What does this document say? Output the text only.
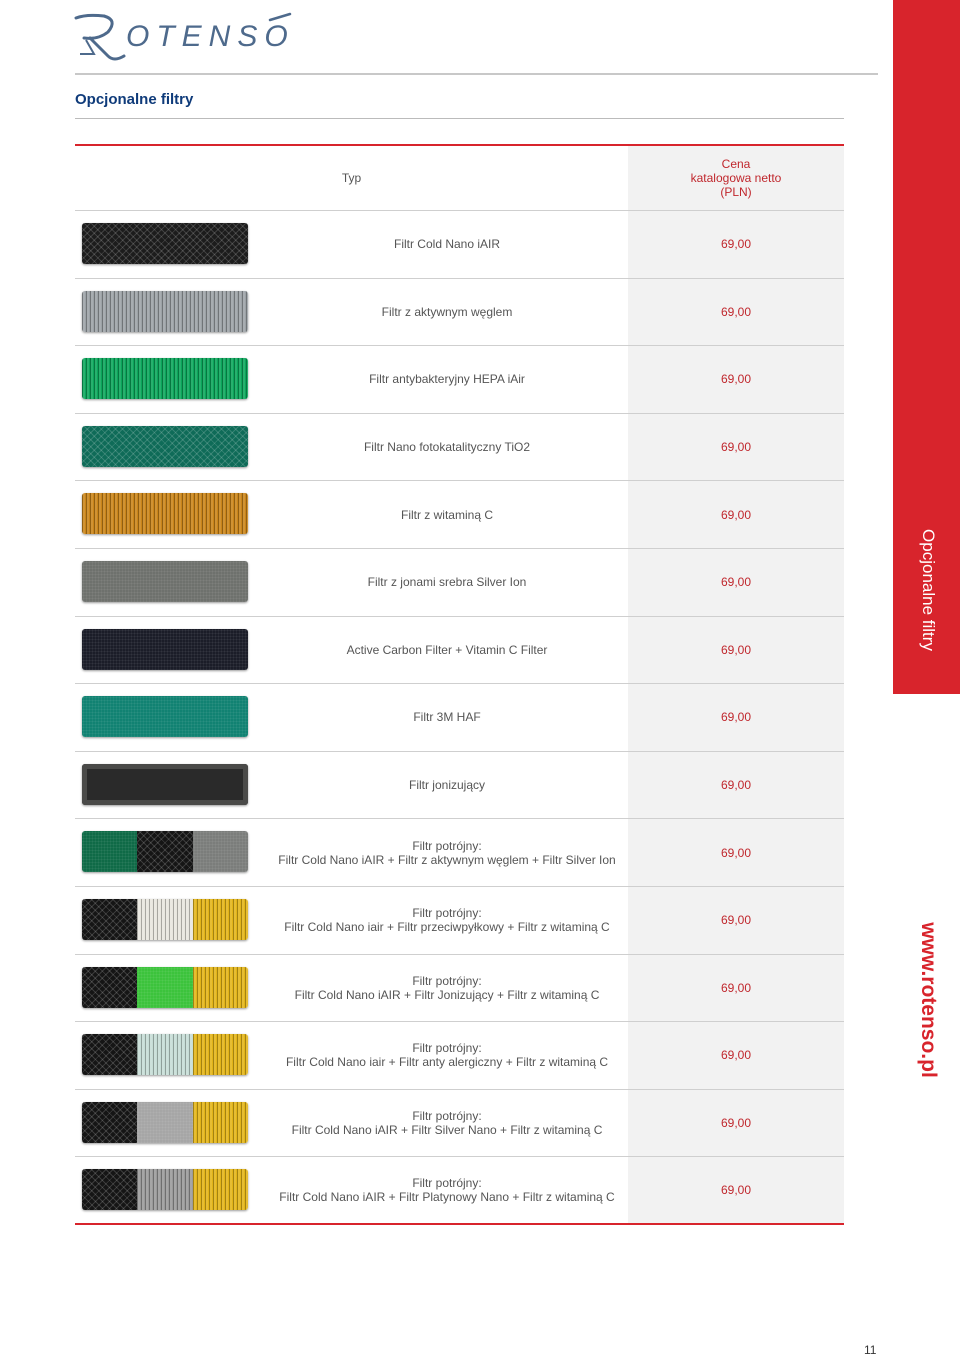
OTENSO
Opcjonalne filtry
www.rotenso.pl
Opcjonalne filtry
Typ
Cena
katalogowa netto
(PLN)
Filtr Cold Nano iAIR	69,00
Filtr z aktywnym węglem	69,00
Filtr antybakteryjny HEPA iAir	69,00
Filtr Nano fotokatalityczny TiO2	69,00
Filtr z witaminą C	69,00
Filtr z jonami srebra Silver Ion	69,00
Active Carbon Filter + Vitamin C Filter	69,00
Filtr 3M HAF	69,00
Filtr jonizujący	69,00
Filtr potrójny:
Filtr Cold Nano iAIR + Filtr z aktywnym węglem + Filtr Silver Ion	69,00
Filtr potrójny:
Filtr Cold Nano iair + Filtr przeciwpyłkowy + Filtr z witaminą C	69,00
Filtr potrójny:
Filtr Cold Nano iAIR + Filtr Jonizujący + Filtr z witaminą C	69,00
Filtr potrójny:
Filtr Cold Nano iair + Filtr anty alergiczny + Filtr z witaminą C	69,00
Filtr potrójny:
Filtr Cold Nano iAIR + Filtr Silver Nano + Filtr z witaminą C	69,00
Filtr potrójny:
Filtr Cold Nano iAIR + Filtr Platynowy Nano + Filtr z witaminą C	69,00
11
